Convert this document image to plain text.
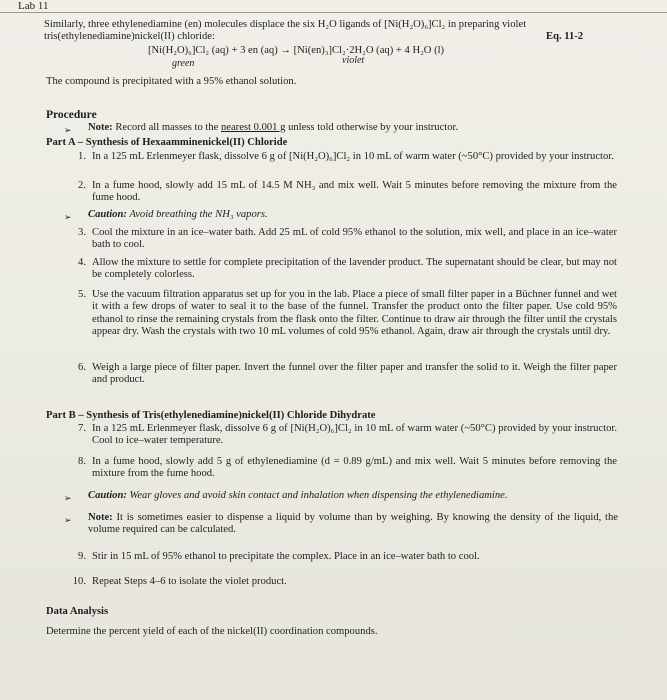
Lab 11
Similarly, three ethylenediamine (en) molecules displace the six H₂O ligands of [Ni(H₂O)₆]Cl₂ in preparing violet
tris(ethylenediamine)nickel(II) chloride:
[Ni(H₂O)₆]Cl₂ (aq) + 3 en (aq) → [Ni(en)₃]Cl₂·2H₂O (aq) + 4 H₂O (l)
green	violet
Eq. 11-2
The compound is precipitated with a 95% ethanol solution.
Procedure
➢ Note: Record all masses to the nearest 0.001 g unless told otherwise by your instructor.
Part A – Synthesis of Hexaamminenickel(II) Chloride
1. In a 125 mL Erlenmeyer flask, dissolve 6 g of [Ni(H₂O)₆]Cl₂ in 10 mL of warm water (~50°C) provided by your instructor.
2. In a fume hood, slowly add 15 mL of 14.5 M NH₃ and mix well. Wait 5 minutes before removing the mixture from the fume hood.
➢ Caution: Avoid breathing the NH₃ vapors.
3. Cool the mixture in an ice–water bath. Add 25 mL of cold 95% ethanol to the solution, mix well, and place in an ice–water bath to cool.
4. Allow the mixture to settle for complete precipitation of the lavender product. The supernatant should be clear, but may not be completely colorless.
5. Use the vacuum filtration apparatus set up for you in the lab. Place a piece of small filter paper in a Büchner funnel and wet it with a few drops of water to seal it to the base of the funnel. Transfer the product onto the filter paper. Use cold 95% ethanol to rinse the remaining crystals from the flask onto the filter. Continue to draw air through the filter until the crystals appear dry. Wash the crystals with two 10 mL volumes of cold 95% ethanol. Again, draw air through the crystals until dry.
6. Weigh a large piece of filter paper. Invert the funnel over the filter paper and transfer the solid to it. Weigh the filter paper and product.
Part B – Synthesis of Tris(ethylenediamine)nickel(II) Chloride Dihydrate
7. In a 125 mL Erlenmeyer flask, dissolve 6 g of [Ni(H₂O)₆]Cl₂ in 10 mL of warm water (~50°C) provided by your instructor. Cool to ice–water temperature.
8. In a fume hood, slowly add 5 g of ethylenediamine (d = 0.89 g/mL) and mix well. Wait 5 minutes before removing the mixture from the fume hood.
➢ Caution: Wear gloves and avoid skin contact and inhalation when dispensing the ethylenediamine.
➢ Note: It is sometimes easier to dispense a liquid by volume than by weighing. By knowing the density of the liquid, the volume required can be calculated.
9. Stir in 15 mL of 95% ethanol to precipitate the complex. Place in an ice–water bath to cool.
10. Repeat Steps 4–6 to isolate the violet product.
Data Analysis
Determine the percent yield of each of the nickel(II) coordination compounds.
